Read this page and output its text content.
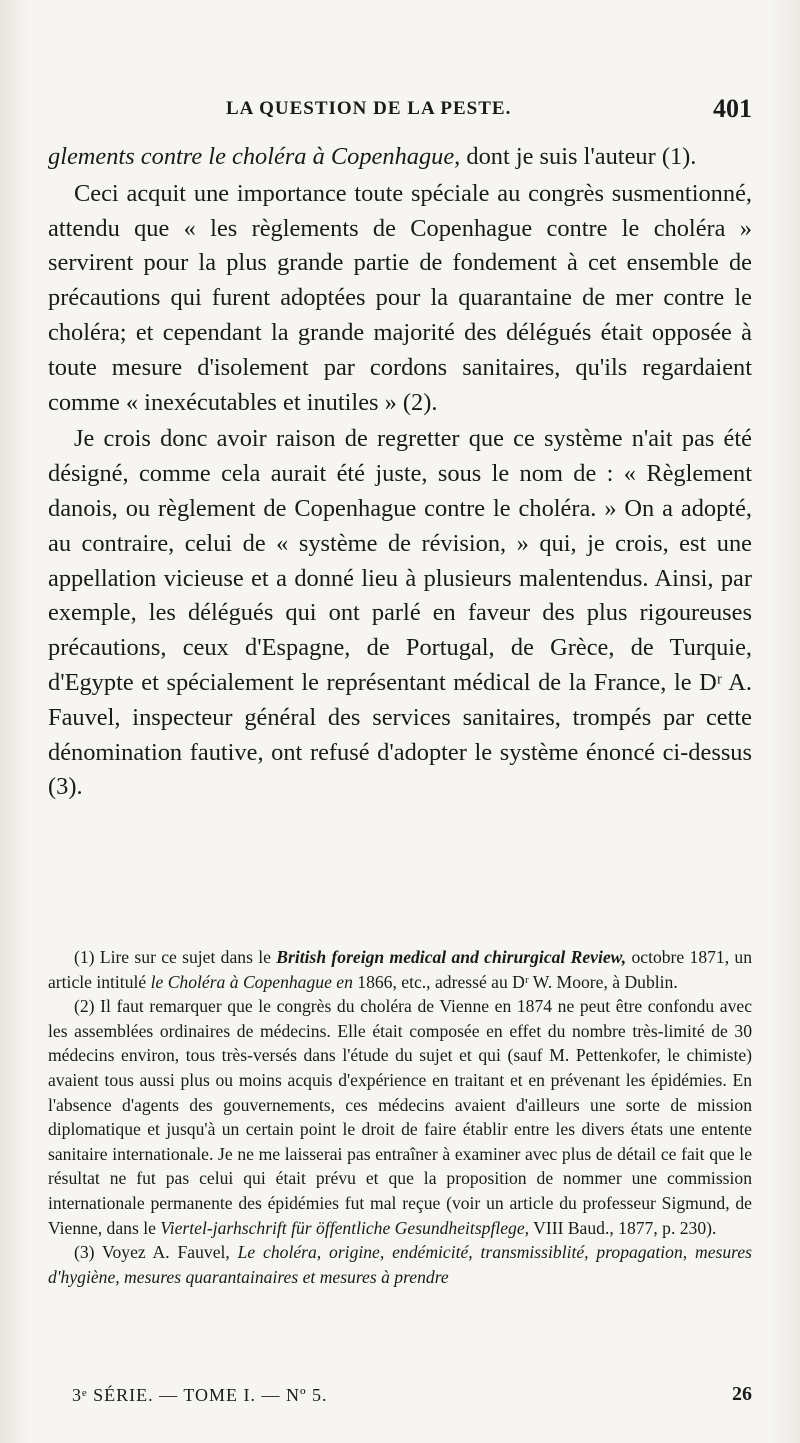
LA QUESTION DE LA PESTE.	401

glements contre le choléra à Copenhague, dont je suis l'auteur (1).

Ceci acquit une importance toute spéciale au congrès susmentionné, attendu que « les règlements de Copenhague contre le choléra » servirent pour la plus grande partie de fondement à cet ensemble de précautions qui furent adoptées pour la quarantaine de mer contre le choléra; et cependant la grande majorité des délégués était opposée à toute mesure d'isolement par cordons sanitaires, qu'ils regardaient comme « inexécutables et inutiles » (2).

Je crois donc avoir raison de regretter que ce système n'ait pas été désigné, comme cela aurait été juste, sous le nom de : « Règlement danois, ou règlement de Copenhague contre le choléra. » On a adopté, au contraire, celui de « système de révision, » qui, je crois, est une appellation vicieuse et a donné lieu à plusieurs malentendus. Ainsi, par exemple, les délégués qui ont parlé en faveur des plus rigoureuses précautions, ceux d'Espagne, de Portugal, de Grèce, de Turquie, d'Egypte et spécialement le représentant médical de la France, le Dʳ A. Fauvel, inspecteur général des services sanitaires, trompés par cette dénomination fautive, ont refusé d'adopter le système énoncé ci-dessus (3).

(1) Lire sur ce sujet dans le British foreign medical and chirurgical Review, octobre 1871, un article intitulé le Choléra à Copenhague en 1866, etc., adressé au Dʳ W. Moore, à Dublin.

(2) Il faut remarquer que le congrès du choléra de Vienne en 1874 ne peut être confondu avec les assemblées ordinaires de médecins. Elle était composée en effet du nombre très-limité de 30 médecins environ, tous très-versés dans l'étude du sujet et qui (sauf M. Pettenkofer, le chimiste) avaient tous aussi plus ou moins acquis d'expérience en traitant et en prévenant les épidémies. En l'absence d'agents des gouvernements, ces médecins avaient d'ailleurs une sorte de mission diplomatique et jusqu'à un certain point le droit de faire établir entre les divers états une entente sanitaire internationale. Je ne me laisserai pas entraîner à examiner avec plus de détail ce fait que le résultat ne fut pas celui qui était prévu et que la proposition de nommer une commission internationale permanente des épidémies fut mal reçue (voir un article du professeur Sigmund, de Vienne, dans le Viertel-jarhschrift für öffentliche Gesundheitspflege, VIII Baud., 1877, p. 230).

(3) Voyez A. Fauvel, Le choléra, origine, endémicité, transmissiblité, propagation, mesures d'hygiène, mesures quarantainaires et mesures à prendre

3ᵉ SÉRIE. — TOME I. — Nº 5.	26
